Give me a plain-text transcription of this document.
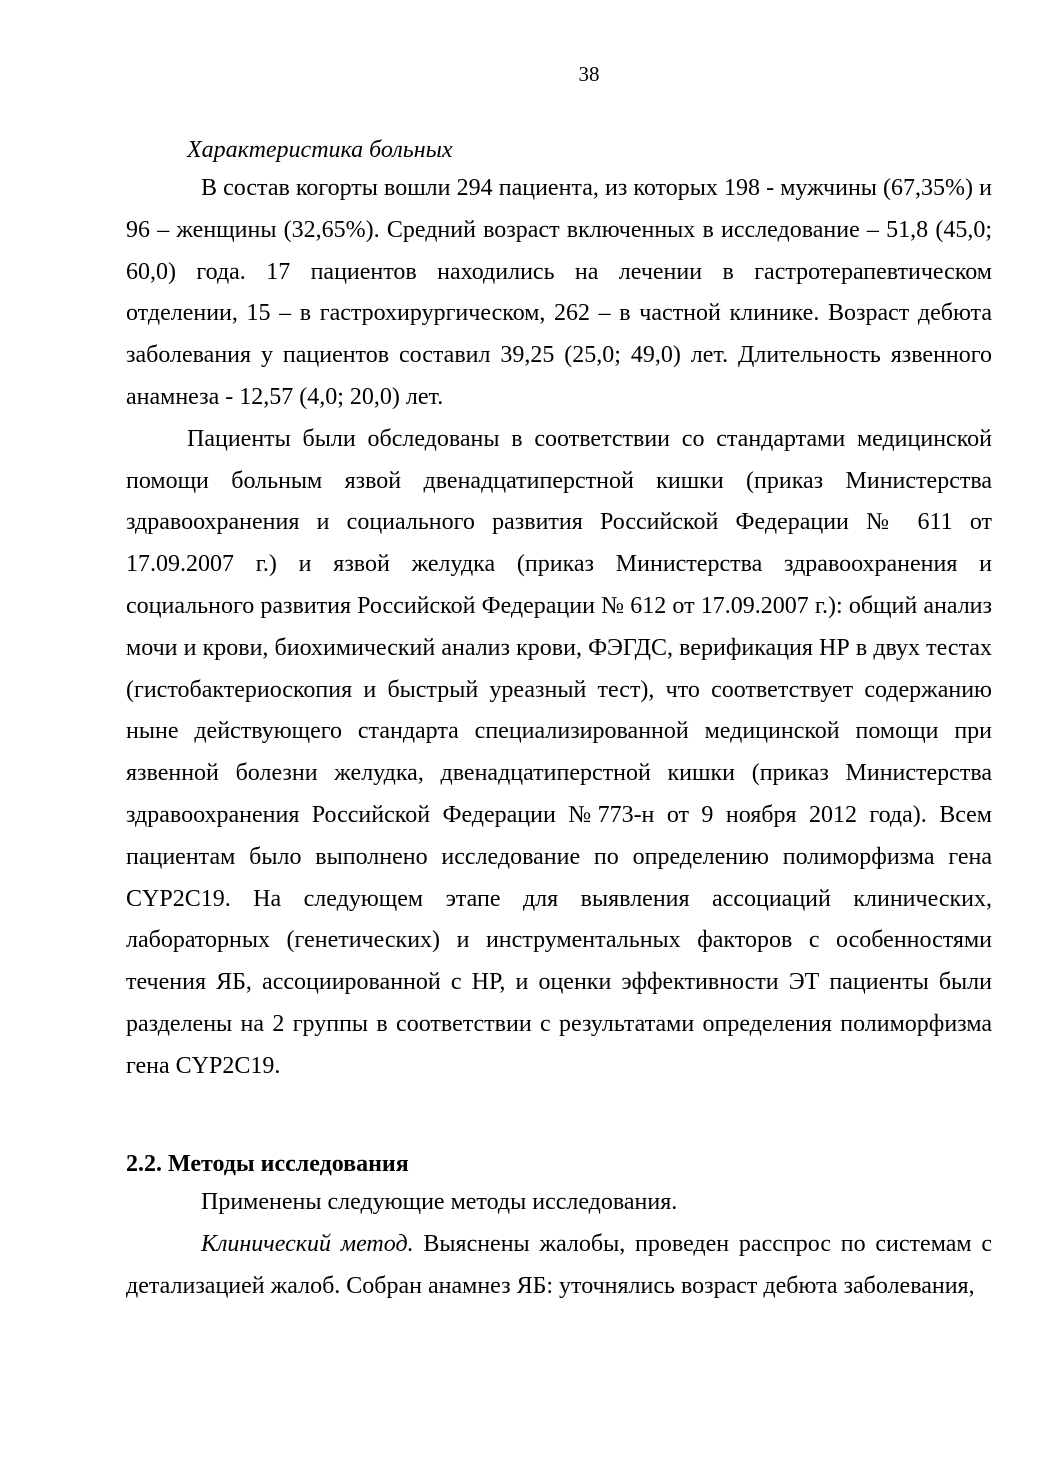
38
Характеристика больных

В состав когорты вошли 294 пациента, из которых 198 - мужчины (67,35%) и 96 – женщины (32,65%). Средний возраст включенных в исследование – 51,8 (45,0; 60,0) года. 17 пациентов находились на лечении в гастротерапевтическом отделении, 15 – в гастрохирургическом, 262 – в частной клинике. Возраст дебюта заболевания у пациентов составил 39,25 (25,0; 49,0) лет. Длительность язвенного анамнеза - 12,57 (4,0; 20,0) лет.

Пациенты были обследованы в соответствии со стандартами медицинской помощи больным язвой двенадцатиперстной кишки (приказ Министерства здравоохранения и социального развития Российской Федерации № 611 от 17.09.2007 г.) и язвой желудка (приказ Министерства здравоохранения и социального развития Российской Федерации № 612 от 17.09.2007 г.): общий анализ мочи и крови, биохимический анализ крови, ФЭГДС, верификация НР в двух тестах (гистобактериоскопия и быстрый уреазный тест), что соответствует содержанию ныне действующего стандарта специализированной медицинской помощи при язвенной болезни желудка, двенадцатиперстной кишки (приказ Министерства здравоохранения Российской Федерации №773-н от 9 ноября 2012 года). Всем пациентам было выполнено исследование по определению полиморфизма гена CYP2C19. На следующем этапе для выявления ассоциаций клинических, лабораторных (генетических) и инструментальных факторов с особенностями течения ЯБ, ассоциированной с НР, и оценки эффективности ЭТ пациенты были разделены на 2 группы в соответствии с результатами определения полиморфизма гена CYP2C19.

2.2. Методы исследования

Применены следующие методы исследования.

Клинический метод. Выяснены жалобы, проведен расспрос по системам с детализацией жалоб. Собран анамнез ЯБ: уточнялись возраст дебюта заболевания,
